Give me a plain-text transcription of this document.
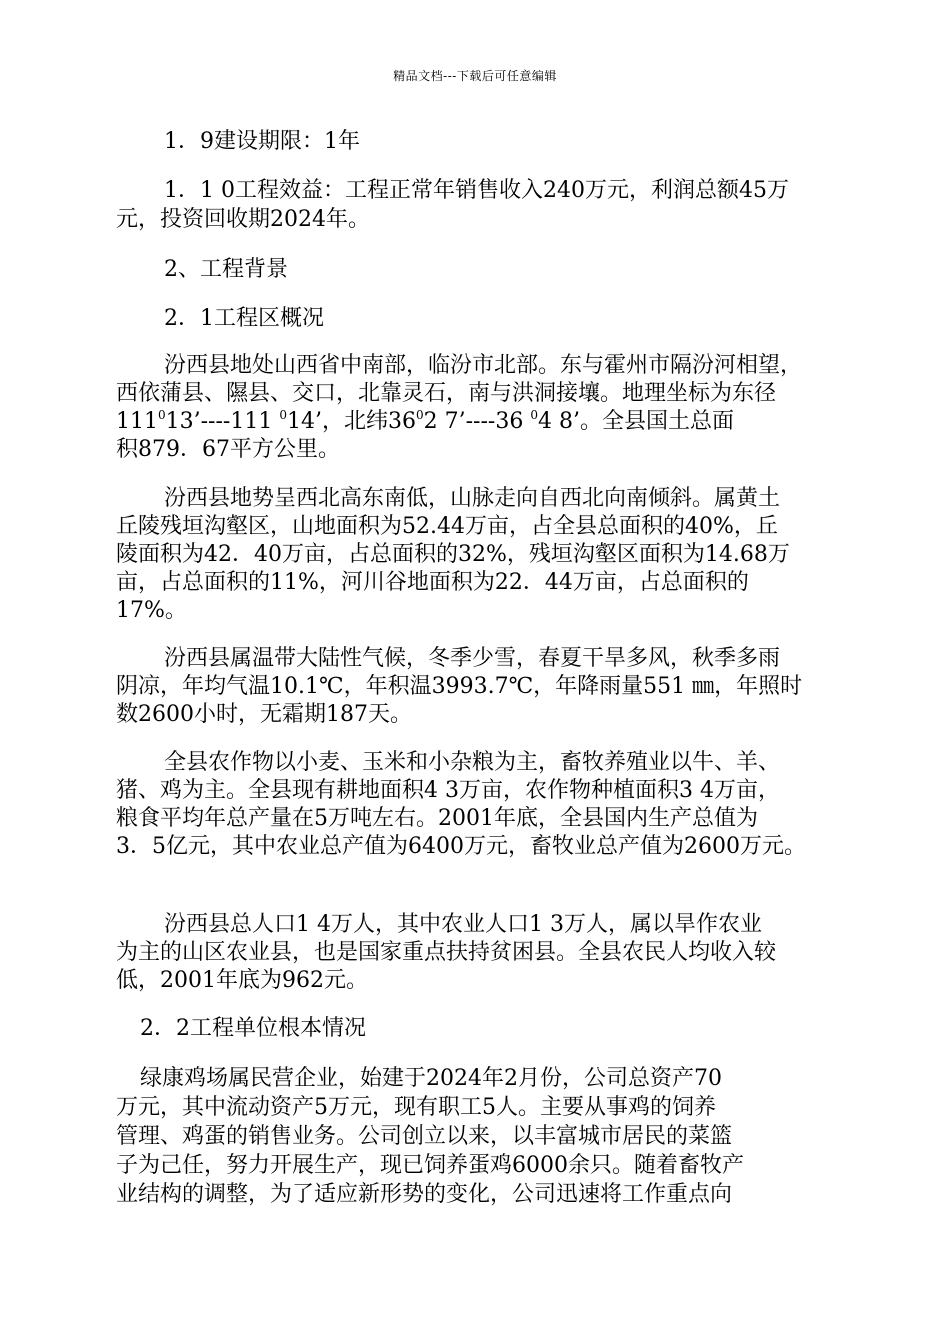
精品文档---下载后可任意编辑
1．9建设期限：1年
1．1 0工程效益：工程正常年销售收入240万元，利润总额45万
元，投资回收期2024年。
2、工程背景
2．1工程区概况
汾西县地处山西省中南部，临汾市北部。东与霍州市隔汾河相望，
西依蒲县、隰县、交口，北靠灵石，南与洪洞接壤。地理坐标为东径
$111^013’----111$ $^0$14’，北纬$36^02$ 7’----36 $^0$4 8’。全县国土总面
积879．67平方公里。
汾西县地势呈西北高东南低，山脉走向自西北向南倾斜。属黄土
丘陵残垣沟壑区，山地面积为52.44万亩，占全县总面积的40%，丘
陵面积为42．40万亩，占总面积的32%，残垣沟壑区面积为14.68万
亩，占总面积的11%，河川谷地面积为22．44万亩，占总面积的
17%。
汾西县属温带大陆性气候，冬季少雪，春夏干旱多风，秋季多雨
阴凉，年均气温10.1℃，年积温3993.7℃，年降雨量551 ㎜，年照时
数2600小时，无霜期187天。
全县农作物以小麦、玉米和小杂粮为主，畜牧养殖业以牛、羊、
猪、鸡为主。全县现有耕地面积4 3万亩，农作物种植面积3 4万亩，
粮食平均年总产量在5万吨左右。2001年底，全县国内生产总值为
3．5亿元，其中农业总产值为6400万元，畜牧业总产值为2600万元。
汾西县总人口1 4万人，其中农业人口1 3万人，属以旱作农业
为主的山区农业县，也是国家重点扶持贫困县。全县农民人均收入较
低，2001年底为962元。
2．2工程单位根本情况
绿康鸡场属民营企业，始建于2024年2月份，公司总资产70
万元，其中流动资产5万元，现有职工5人。主要从事鸡的饲养
管理、鸡蛋的销售业务。公司创立以来，以丰富城市居民的菜篮
子为己任，努力开展生产，现已饲养蛋鸡6000余只。随着畜牧产
业结构的调整，为了适应新形势的变化，公司迅速将工作重点向
